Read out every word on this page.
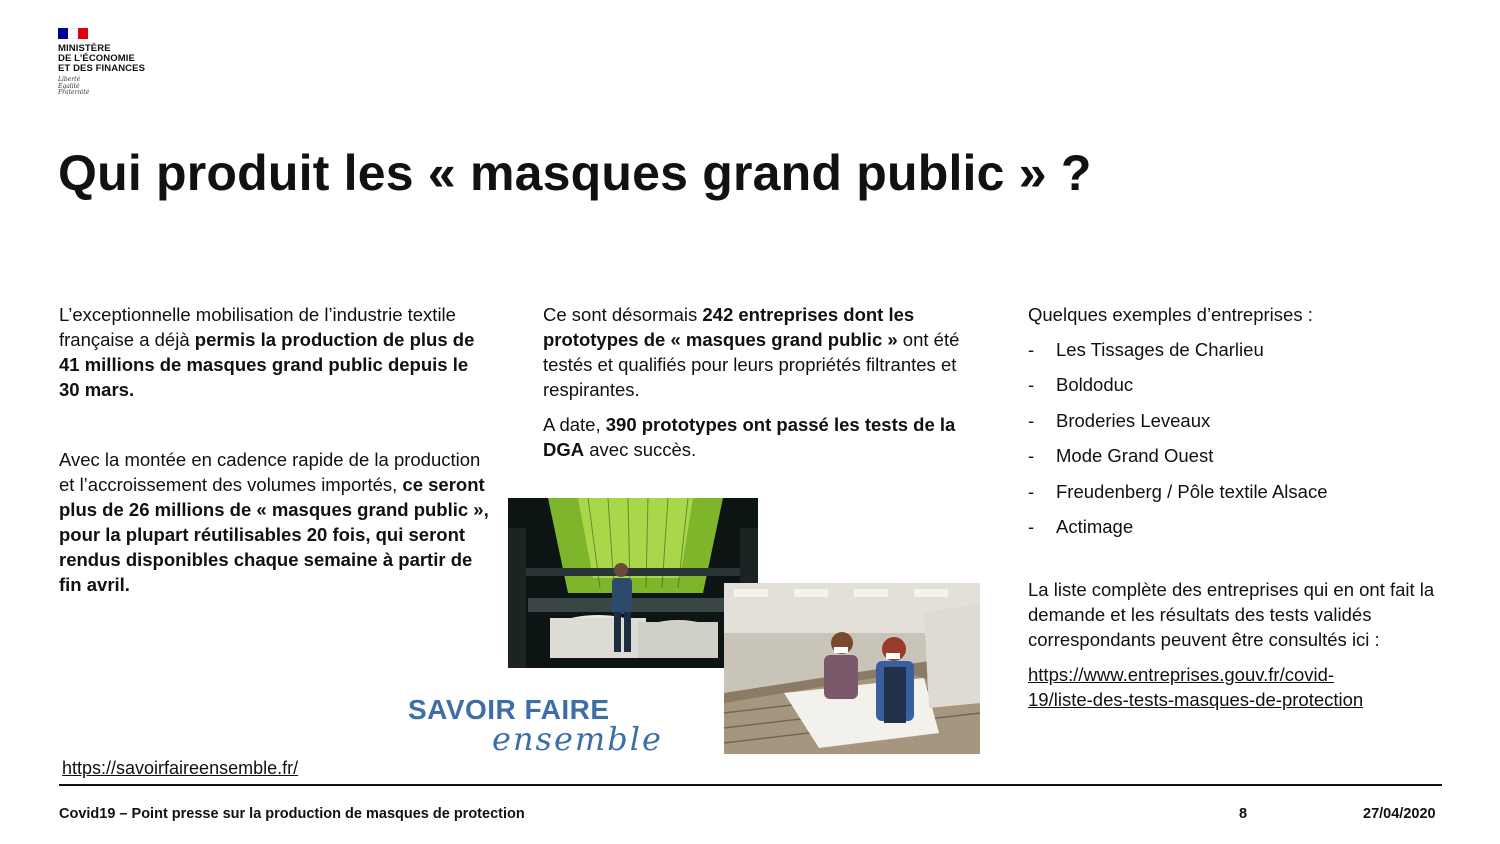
MINISTÈRE
DE L'ÉCONOMIE
ET DES FINANCES
Liberté
Égalité
Fraternité
Qui produit les « masques grand public » ?

L’exceptionnelle mobilisation de l’industrie textile française a déjà permis la production de plus de 41 millions de masques grand public depuis le 30 mars.

Avec la montée en cadence rapide de la production et l’accroissement des volumes importés, ce seront plus de 26 millions de « masques grand public », pour la plupart réutilisables 20 fois, qui seront rendus disponibles chaque semaine à partir de fin avril.

Ce sont désormais 242 entreprises dont les prototypes de « masques grand public » ont été testés et qualifiés pour leurs propriétés filtrantes et respirantes.

A date, 390 prototypes ont passé les tests de la DGA avec succès.

Quelques exemples d’entreprises :

-	Les Tissages de Charlieu
-	Boldoduc
-	Broderies Leveaux
-	Mode Grand Ouest
-	Freudenberg / Pôle textile Alsace
-	Actimage

La liste complète des entreprises qui en ont fait la demande et les résultats des tests validés correspondants peuvent être consultés ici :

https://www.entreprises.gouv.fr/covid-
19/liste-des-tests-masques-de-protection

SAVOIR FAIRE
ensemble
https://savoirfaireensemble.fr/
Covid19 – Point presse sur la production de masques de protection	8	27/04/2020
